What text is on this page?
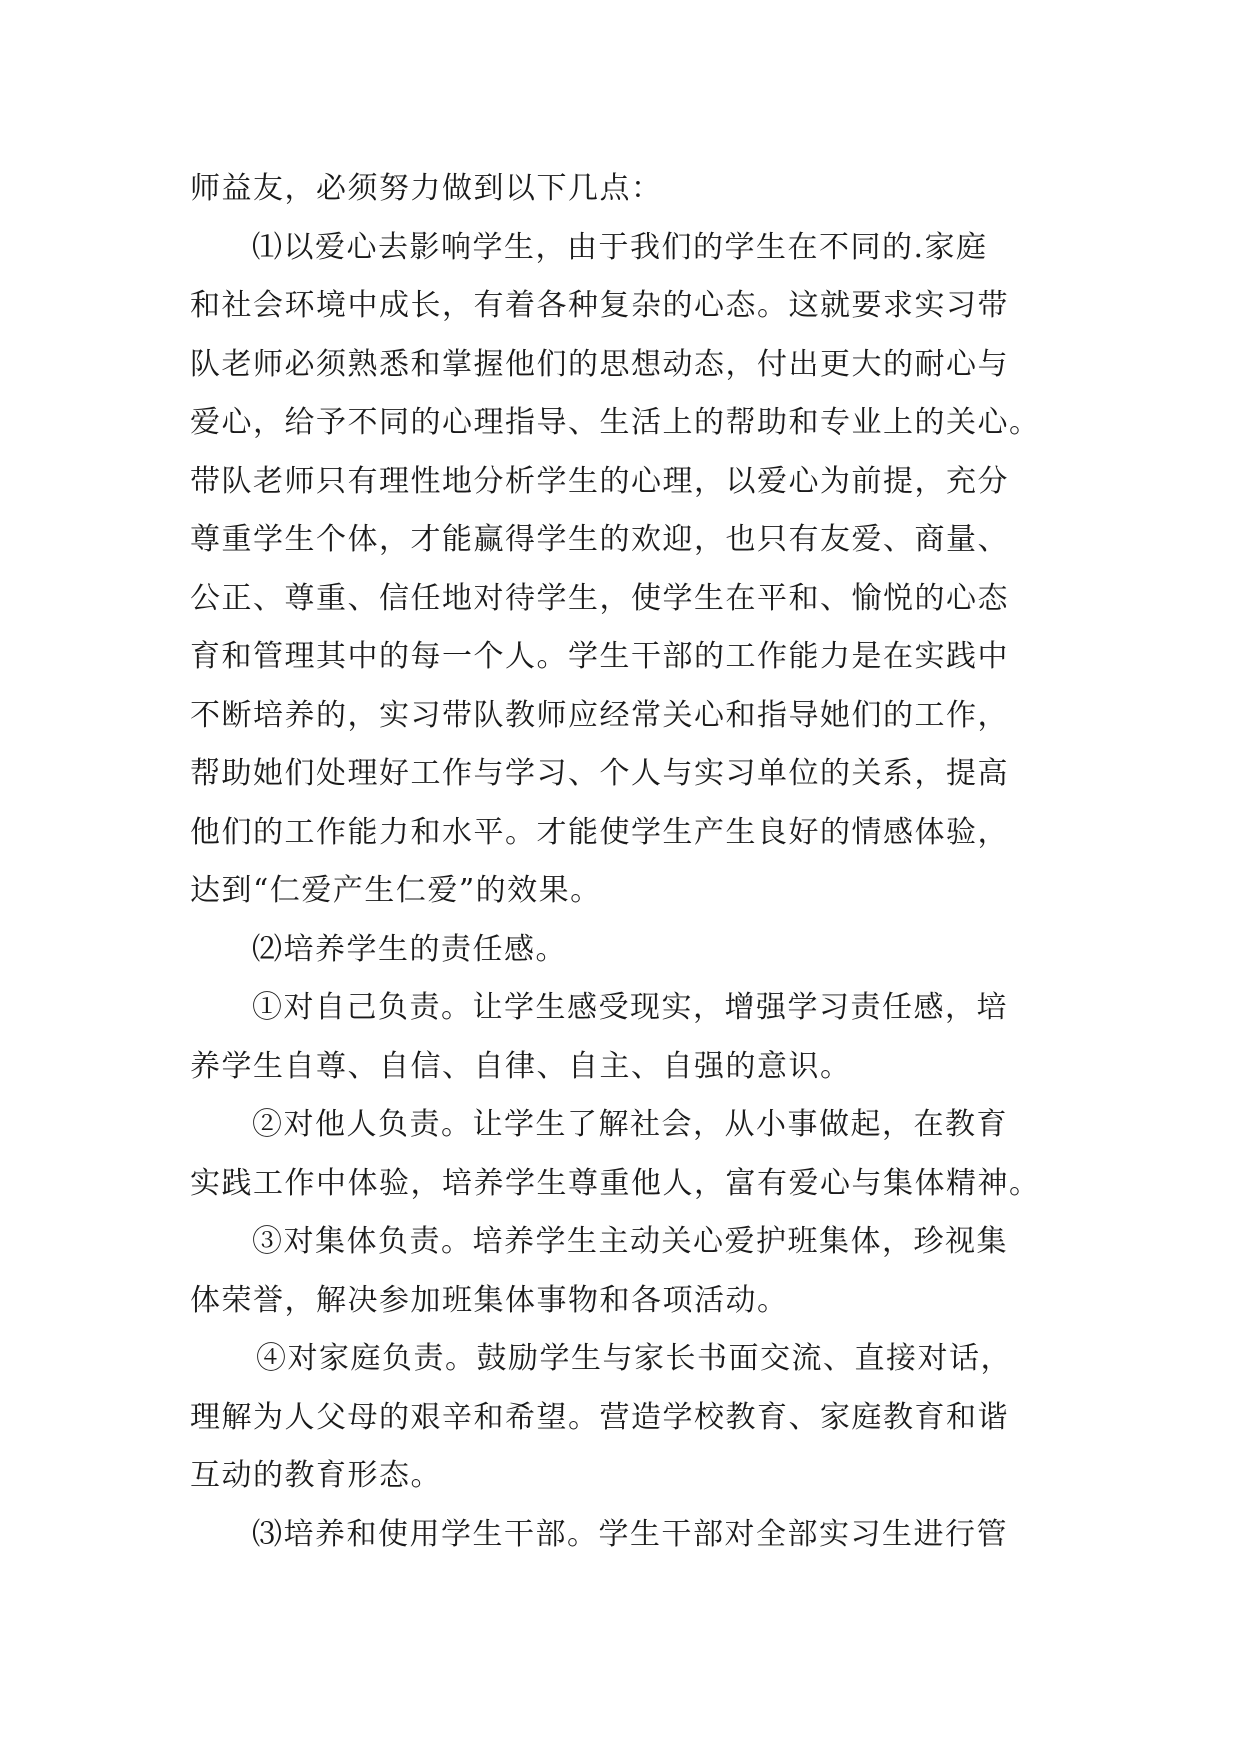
师益友，必须努力做到以下几点：
⑴以爱心去影响学生，由于我们的学生在不同的.家庭
和社会环境中成长，有着各种复杂的心态。这就要求实习带
队老师必须熟悉和掌握他们的思想动态，付出更大的耐心与
爱心，给予不同的心理指导、生活上的帮助和专业上的关心。
带队老师只有理性地分析学生的心理，以爱心为前提，充分
尊重学生个体，才能赢得学生的欢迎，也只有友爱、商量、
公正、尊重、信任地对待学生，使学生在平和、愉悦的心态
育和管理其中的每一个人。学生干部的工作能力是在实践中
不断培养的，实习带队教师应经常关心和指导她们的工作，
帮助她们处理好工作与学习、个人与实习单位的关系，提高
他们的工作能力和水平。才能使学生产生良好的情感体验，
达到“仁爱产生仁爱”的效果。
⑵培养学生的责任感。
①对自己负责。让学生感受现实，增强学习责任感，培
养学生自尊、自信、自律、自主、自强的意识。
②对他人负责。让学生了解社会，从小事做起，在教育
实践工作中体验，培养学生尊重他人，富有爱心与集体精神。
③对集体负责。培养学生主动关心爱护班集体，珍视集
体荣誉，解决参加班集体事物和各项活动。
④对家庭负责。鼓励学生与家长书面交流、直接对话，
理解为人父母的艰辛和希望。营造学校教育、家庭教育和谐
互动的教育形态。
⑶培养和使用学生干部。学生干部对全部实习生进行管
